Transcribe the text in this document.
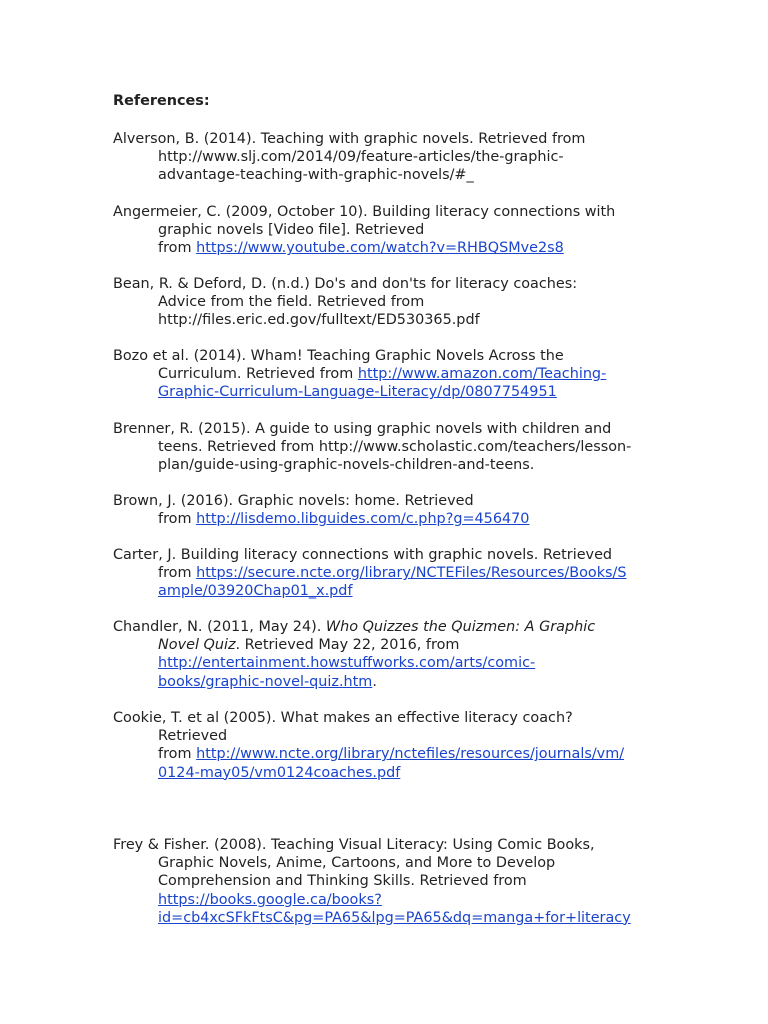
References:

Alverson, B. (2014). Teaching with graphic novels. Retrieved from
http://www.slj.com/2014/09/feature-articles/the-graphic-
advantage-teaching-with-graphic-novels/#_

Angermeier, C. (2009, October 10). Building literacy connections with
graphic novels [Video file]. Retrieved
from https://www.youtube.com/watch?v=RHBQSMve2s8

Bean, R. & Deford, D. (n.d.) Do's and don'ts for literacy coaches:
Advice from the field. Retrieved from
http://files.eric.ed.gov/fulltext/ED530365.pdf

Bozo et al. (2014). Wham! Teaching Graphic Novels Across the
Curriculum. Retrieved from http://www.amazon.com/Teaching-
Graphic-Curriculum-Language-Literacy/dp/0807754951

Brenner, R. (2015). A guide to using graphic novels with children and
teens. Retrieved from http://www.scholastic.com/teachers/lesson-
plan/guide-using-graphic-novels-children-and-teens.

Brown, J. (2016). Graphic novels: home. Retrieved
from http://lisdemo.libguides.com/c.php?g=456470

Carter, J. Building literacy connections with graphic novels. Retrieved
from https://secure.ncte.org/library/NCTEFiles/Resources/Books/S
ample/03920Chap01_x.pdf

Chandler, N. (2011, May 24). Who Quizzes the Quizmen: A Graphic
Novel Quiz. Retrieved May 22, 2016, from
http://entertainment.howstuffworks.com/arts/comic-
books/graphic-novel-quiz.htm.

Cookie, T. et al (2005). What makes an effective literacy coach?
Retrieved
from http://www.ncte.org/library/nctefiles/resources/journals/vm/
0124-may05/vm0124coaches.pdf

Frey & Fisher. (2008). Teaching Visual Literacy: Using Comic Books,
Graphic Novels, Anime, Cartoons, and More to Develop
Comprehension and Thinking Skills. Retrieved from
https://books.google.ca/books?
id=cb4xcSFkFtsC&pg=PA65&lpg=PA65&dq=manga+for+literacy
